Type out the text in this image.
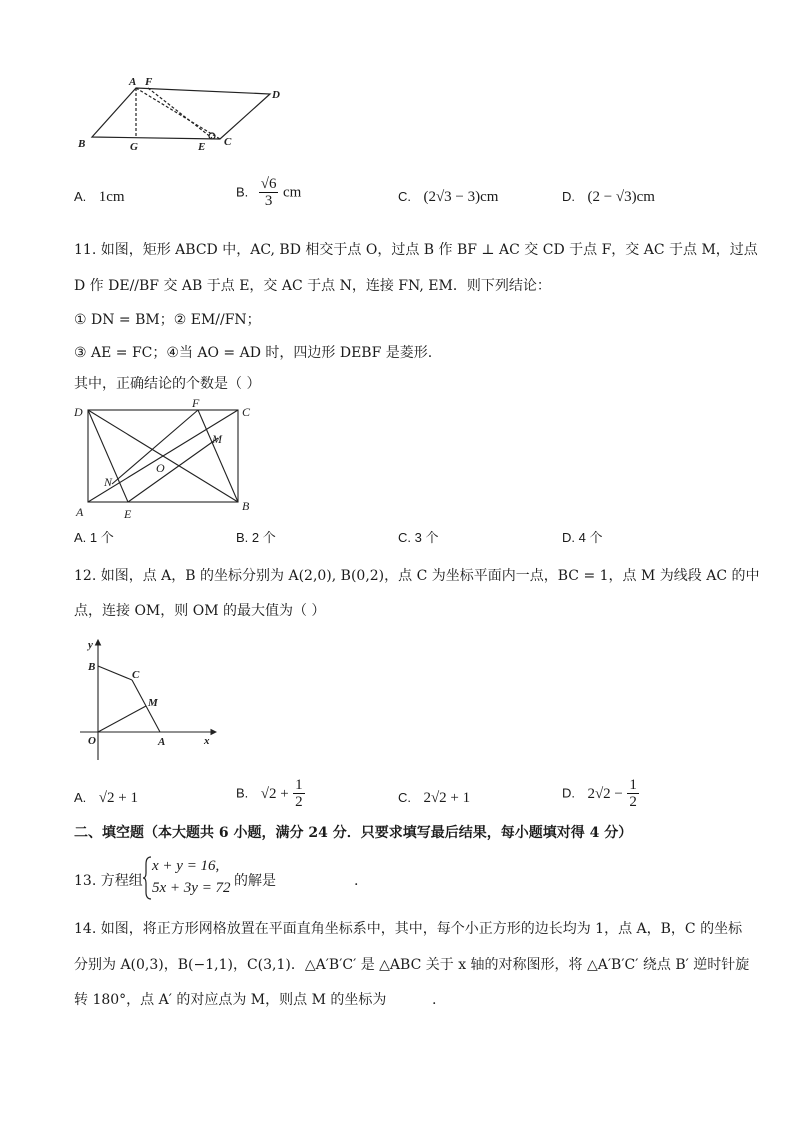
A F
D
B	G	E C
A. 1cm	B. $\frac{√6}{3}$ cm	C. (2√3 − 3)cm	D. (2 − √3)cm
11. 如图，矩形 ABCD 中，AC, BD 相交于点 O，过点 B 作 BF ⊥ AC 交 CD 于点 F，交 AC 于点 M，过点
D 作 DE//BF 交 AB 于点 E，交 AC 于点 N，连接 FN, EM．则下列结论：
① DN = BM；② EM//FN；
③ AE = FC；④当 AO = AD 时，四边形 DEBF 是菱形.
其中，正确结论的个数是（ ）
D
F
C
M
O
N
A	E
B
A. 1 个	B. 2 个	C. 3 个	D. 4 个
12. 如图，点 A，B 的坐标分别为 A(2,0), B(0,2)，点 C 为坐标平面内一点，BC = 1，点 M 为线段 AC 的中
点，连接 OM，则 OM 的最大值为（ ）
y
B
C
M
O	A	x
A. √2 + 1	B. $√2 + \frac{1}{2}$	C. 2√2 + 1	D. $2√2 - \frac{1}{2}$
二、填空题（本大题共 6 小题，满分 24 分．只要求填写最后结果，每小题填对得 4 分）
13. 方程组
x + y = 16,
5x + 3y = 72 的解是	.
14. 如图，将正方形网格放置在平面直角坐标系中，其中，每个小正方形的边长均为 1，点 A，B，C 的坐标
分别为 A(0,3)，B(−1,1)，C(3,1)．△A′B′C′ 是 △ABC 关于 x 轴的对称图形，将 △A′B′C′ 绕点 B′ 逆时针旋
转 180°，点 A′ 的对应点为 M，则点 M 的坐标为	.
